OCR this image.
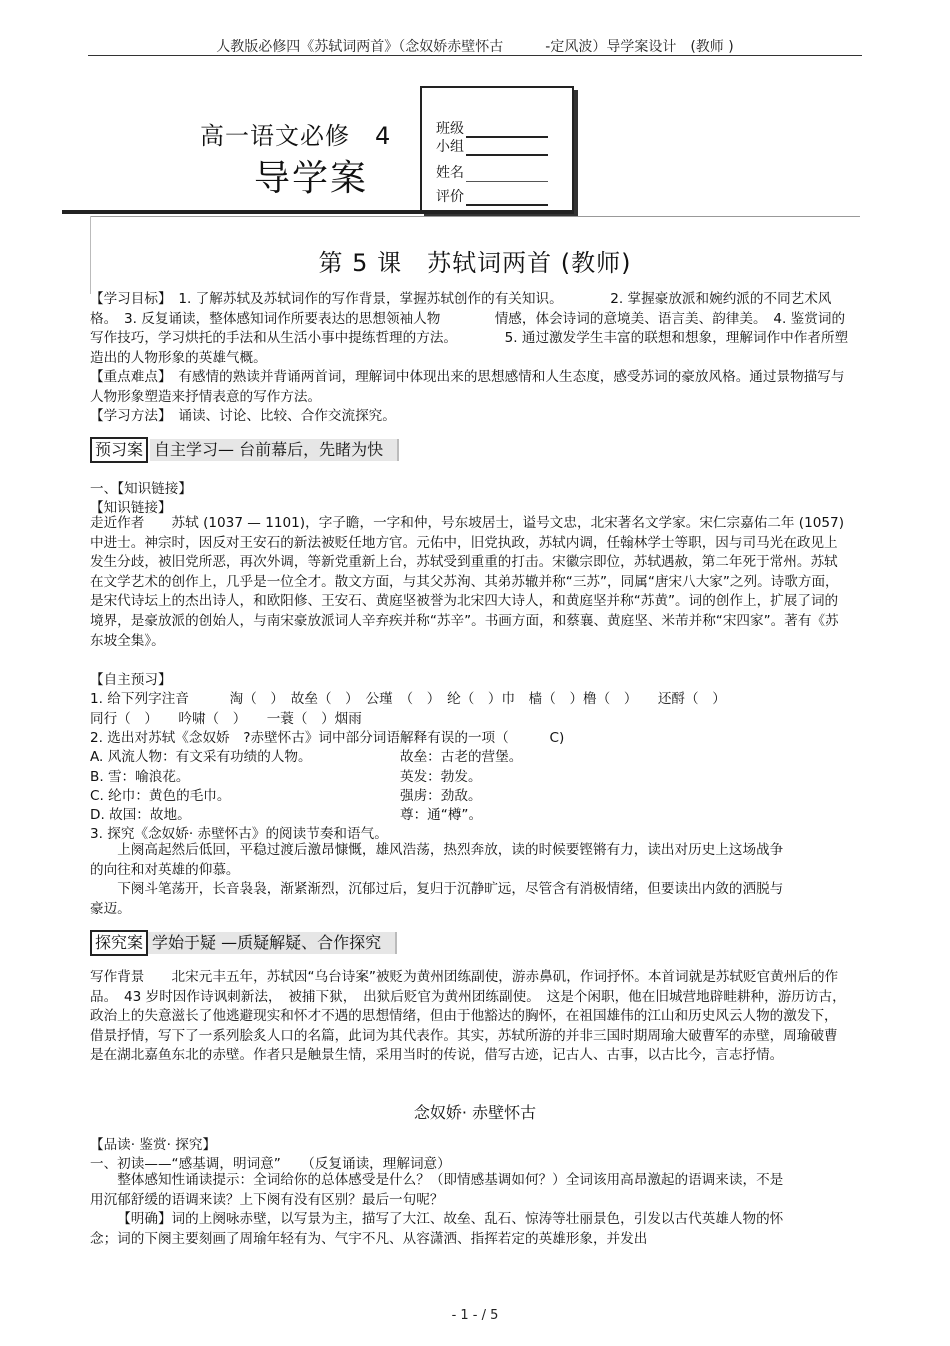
人教版必修四《苏轼词两首》（念奴娇赤壁怀古　　　-定风波）导学案设计　(教师 )
高一语文必修　4
导学案
班级
小组
姓名
评价
第 5 课　苏轼词两首 (教师)
【学习目标】　1. 了解苏轼及苏轼词作的写作背景，掌握苏轼创作的有关知识。　　　　2. 掌握豪放派和婉约派的不同艺术风格。　3. 反复诵读，整体感知词作所要表达的思想领袖人物　　　　情感，体会诗词的意境美、语言美、韵律美。　4. 鉴赏词的写作技巧，学习烘托的手法和从生活小事中提练哲理的方法。　　　　5. 通过激发学生丰富的联想和想象，理解词作中作者所塑造出的人物形象的英雄气概。
【重点难点】　有感情的熟读并背诵两首词，理解词中体现出来的思想感情和人生态度，感受苏词的豪放风格。通过景物描写与人物形象塑造来抒情表意的写作方法。
【学习方法】　诵读、讨论、比较、合作交流探究。
预习案 自主学习— 台前幕后，先睹为快
一、【知识链接】
【知识链接】
走近作者　　苏轼 (1037 — 1101)，字子瞻，一字和仲，号东坡居士，谥号文忠，北宋著名文学家。宋仁宗嘉佑二年 (1057) 中进士。神宗时，因反对王安石的新法被贬任地方官。元佑中，旧党执政，苏轼内调，任翰林学士等职，因与司马光在政见上发生分歧，被旧党所恶，再次外调，等新党重新上台，苏轼受到重重的打击。宋徽宗即位，苏轼遇赦，第二年死于常州。苏轼在文学艺术的创作上，几乎是一位全才。散文方面，与其父苏洵、其弟苏辙并称“三苏”，同属“唐宋八大家”之列。诗歌方面，是宋代诗坛上的杰出诗人，和欧阳修、王安石、黄庭坚被誉为北宋四大诗人，和黄庭坚并称“苏黄”。词的创作上，扩展了词的境界，是豪放派的创始人，与南宋豪放派词人辛弃疾并称“苏辛”。书画方面，和蔡襄、黄庭坚、米芾并称“宋四家”。著有《苏东坡全集》。
【自主预习】
1. 给下列字注音　　　淘（　）　故垒（　）　公瑾　（　）　纶（　）巾　樯（　）橹（　）　　还酹（　）
同行（　）　　吟啸（　）　　一蓑（　）烟雨
2. 选出对苏轼《念奴娇　?赤壁怀古》词中部分词语解释有误的一项（　　　C)
A. 风流人物：有文采有功绩的人物。	故垒：古老的营堡。
B. 雪：喻浪花。	英发：勃发。
C. 纶巾：黄色的毛巾。	强虏：劲敌。
D. 故国：故地。	尊：通“樽”。
3. 探究《念奴娇· 赤壁怀古》的阅读节奏和语气。
上阕高起然后低回，平稳过渡后激昂慷慨，雄风浩荡，热烈奔放，读的时候要铿锵有力，读出对历史上这场战争的向往和对英雄的仰慕。
下阕斗笔荡开，长音袅袅，渐紧渐烈，沉郁过后，复归于沉静旷远，尽管含有消极情绪，但要读出内敛的洒脱与豪迈。
探究案 学始于疑 —质疑解疑、合作探究
写作背景　　北宋元丰五年，苏轼因“乌台诗案”被贬为黄州团练副使，游赤鼻矶，作词抒怀。本首词就是苏轼贬官黄州后的作品。　43 岁时因作诗讽刺新法，　被捕下狱，　出狱后贬官为黄州团练副使。　这是个闲职，他在旧城营地辟畦耕种，游历访古，政治上的失意滋长了他逃避现实和怀才不遇的思想情绪，但由于他豁达的胸怀，在祖国雄伟的江山和历史风云人物的激发下，借景抒情，写下了一系列脍炙人口的名篇，此词为其代表作。其实，苏轼所游的并非三国时期周瑜大破曹军的赤壁，周瑜破曹是在湖北嘉鱼东北的赤壁。作者只是触景生情，采用当时的传说，借写古迹，记古人、古事，以古比今，言志抒情。
念奴娇· 赤壁怀古
【品读· 鉴赏· 探究】
一、初读——“感基调，明词意”　　（反复诵读，理解词意）
整体感知性诵读提示：全词给你的总体感受是什么？（即情感基调如何？）全词该用高昂激起的语调来读，不是用沉郁舒缓的语调来读？上下阕有没有区别？最后一句呢？
【明确】词的上阕咏赤壁，以写景为主，描写了大江、故垒、乱石、惊涛等壮丽景色，引发以古代英雄人物的怀念；词的下阕主要刻画了周瑜年轻有为、气宇不凡、从容潇洒、指挥若定的英雄形象，并发出
- 1 - / 5
